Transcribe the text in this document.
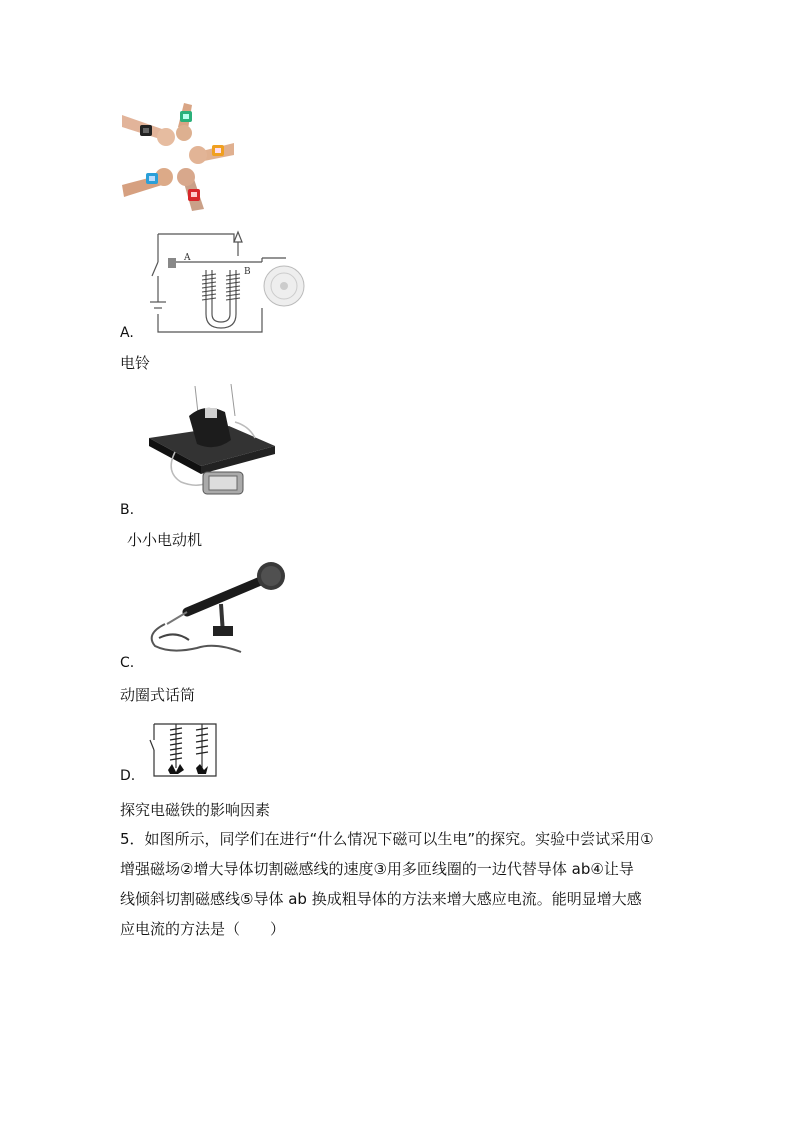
A
B
A.
电铃
B.
小小电动机
C.
动圈式话筒
D.
探究电磁铁的影响因素
5．如图所示，同学们在进行“什么情况下磁可以生电”的探究。实验中尝试采用①
增强磁场②增大导体切割磁感线的速度③用多匝线圈的一边代替导体 ab④让导
线倾斜切割磁感线⑤导体 ab 换成粗导体的方法来增大感应电流。能明显增大感
应电流的方法是（　　）
